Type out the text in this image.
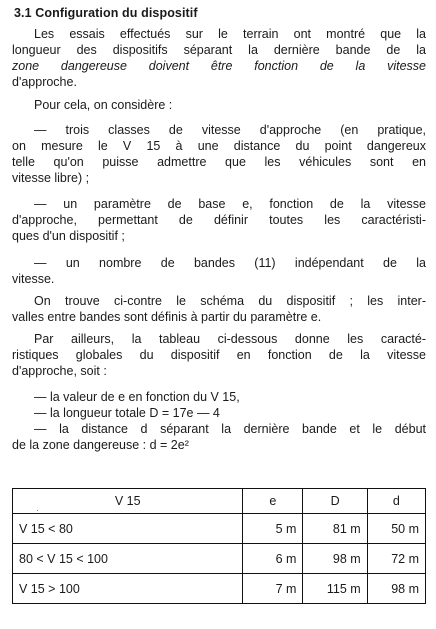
3.1 Configuration du dispositif
Les essais effectués sur le terrain ont montré que la
longueur des dispositifs séparant la dernière bande de la
zone dangereuse doivent être fonction de la vitesse
d'approche.
Pour cela, on considère :
— trois classes de vitesse d'approche (en pratique,
on mesure le V 15 à une distance du point dangereux
telle qu'on puisse admettre que les véhicules sont en
vitesse libre) ;
— un paramètre de base e, fonction de la vitesse
d'approche, permettant de définir toutes les caractéristi-
ques d'un dispositif ;
— un nombre de bandes (11) indépendant de la
vitesse.
On trouve ci-contre le schéma du dispositif ; les inter-
valles entre bandes sont définis à partir du paramètre e.
Par ailleurs, la tableau ci-dessous donne les caracté-
ristiques globales du dispositif en fonction de la vitesse
d'approche, soit :
— la valeur de e en fonction du V 15,
— la longueur totale D = 17e — 4
— la distance d séparant la dernière bande et le début
de la zone dangereuse : d = 2e²
V 15	e	D	d
V 15 < 80	5 m	81 m	50 m
80 < V 15 < 100	6 m	98 m	72 m
V 15 > 100	7 m	115 m	98 m
·
